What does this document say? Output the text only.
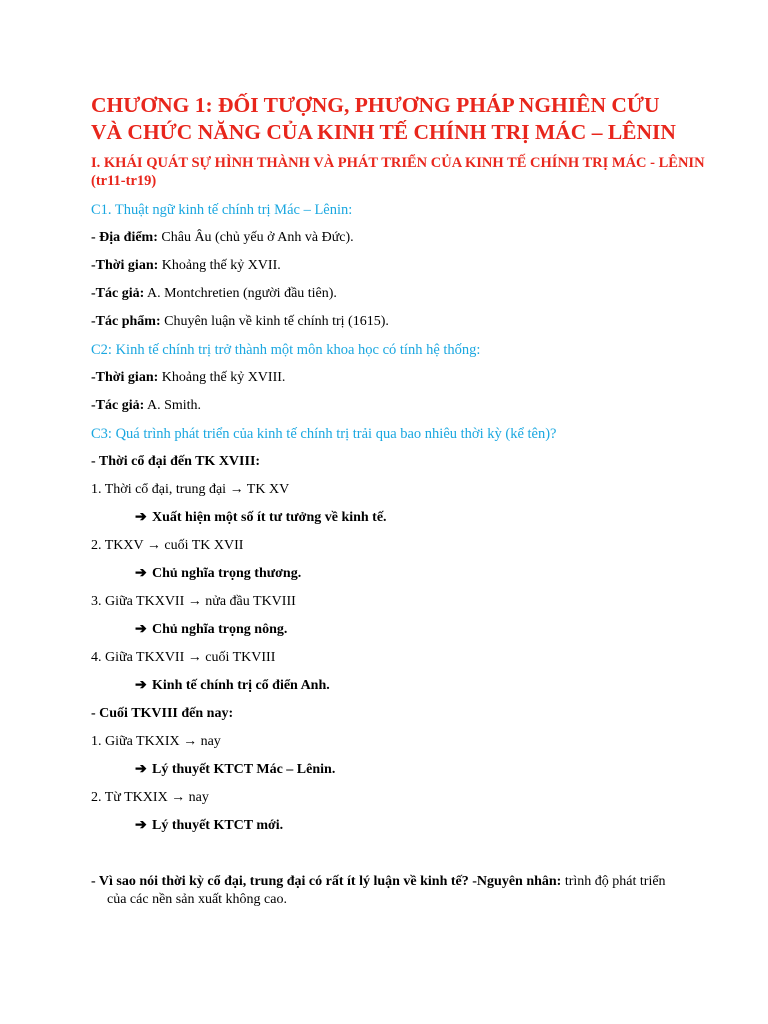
CHƯƠNG 1: ĐỐI TƯỢNG, PHƯƠNG PHÁP NGHIÊN CỨU VÀ CHỨC NĂNG CỦA KINH TẾ CHÍNH TRỊ MÁC – LÊNIN
I. KHÁI QUÁT SỰ HÌNH THÀNH VÀ PHÁT TRIỂN CỦA KINH TẾ CHÍNH TRỊ MÁC - LÊNIN (tr11-tr19)
C1. Thuật ngữ kinh tế chính trị Mác – Lênin:
- Địa điểm: Châu Âu (chủ yếu ở Anh và Đức).
-Thời gian: Khoảng thế kỷ XVII.
-Tác giả: A. Montchretien (người đầu tiên).
-Tác phẩm: Chuyên luận về kinh tế chính trị (1615).
C2: Kinh tế chính trị trở thành một môn khoa học có tính hệ thống:
-Thời gian: Khoảng thế kỷ XVIII.
-Tác giả: A. Smith.
C3: Quá trình phát triển của kinh tế chính trị trải qua bao nhiêu thời kỳ (kể tên)?
- Thời cổ đại đến TK XVIII:
1. Thời cổ đại, trung đại → TK XV
➔ Xuất hiện một số ít tư tưởng về kinh tế.
2. TKXV → cuối TK XVII
➔ Chủ nghĩa trọng thương.
3. Giữa TKXVII → nửa đầu TKVIII
➔ Chủ nghĩa trọng nông.
4. Giữa TKXVII → cuối TKVIII
➔ Kinh tế chính trị cổ điển Anh.
- Cuối TKVIII đến nay:
1. Giữa TKXIX → nay
➔ Lý thuyết KTCT Mác – Lênin.
2. Từ TKXIX → nay
➔ Lý thuyết KTCT mới.
- Vì sao nói thời kỳ cổ đại, trung đại có rất ít lý luận về kinh tế? -Nguyên nhân: trình độ phát triển
của các nền sản xuất không cao.
